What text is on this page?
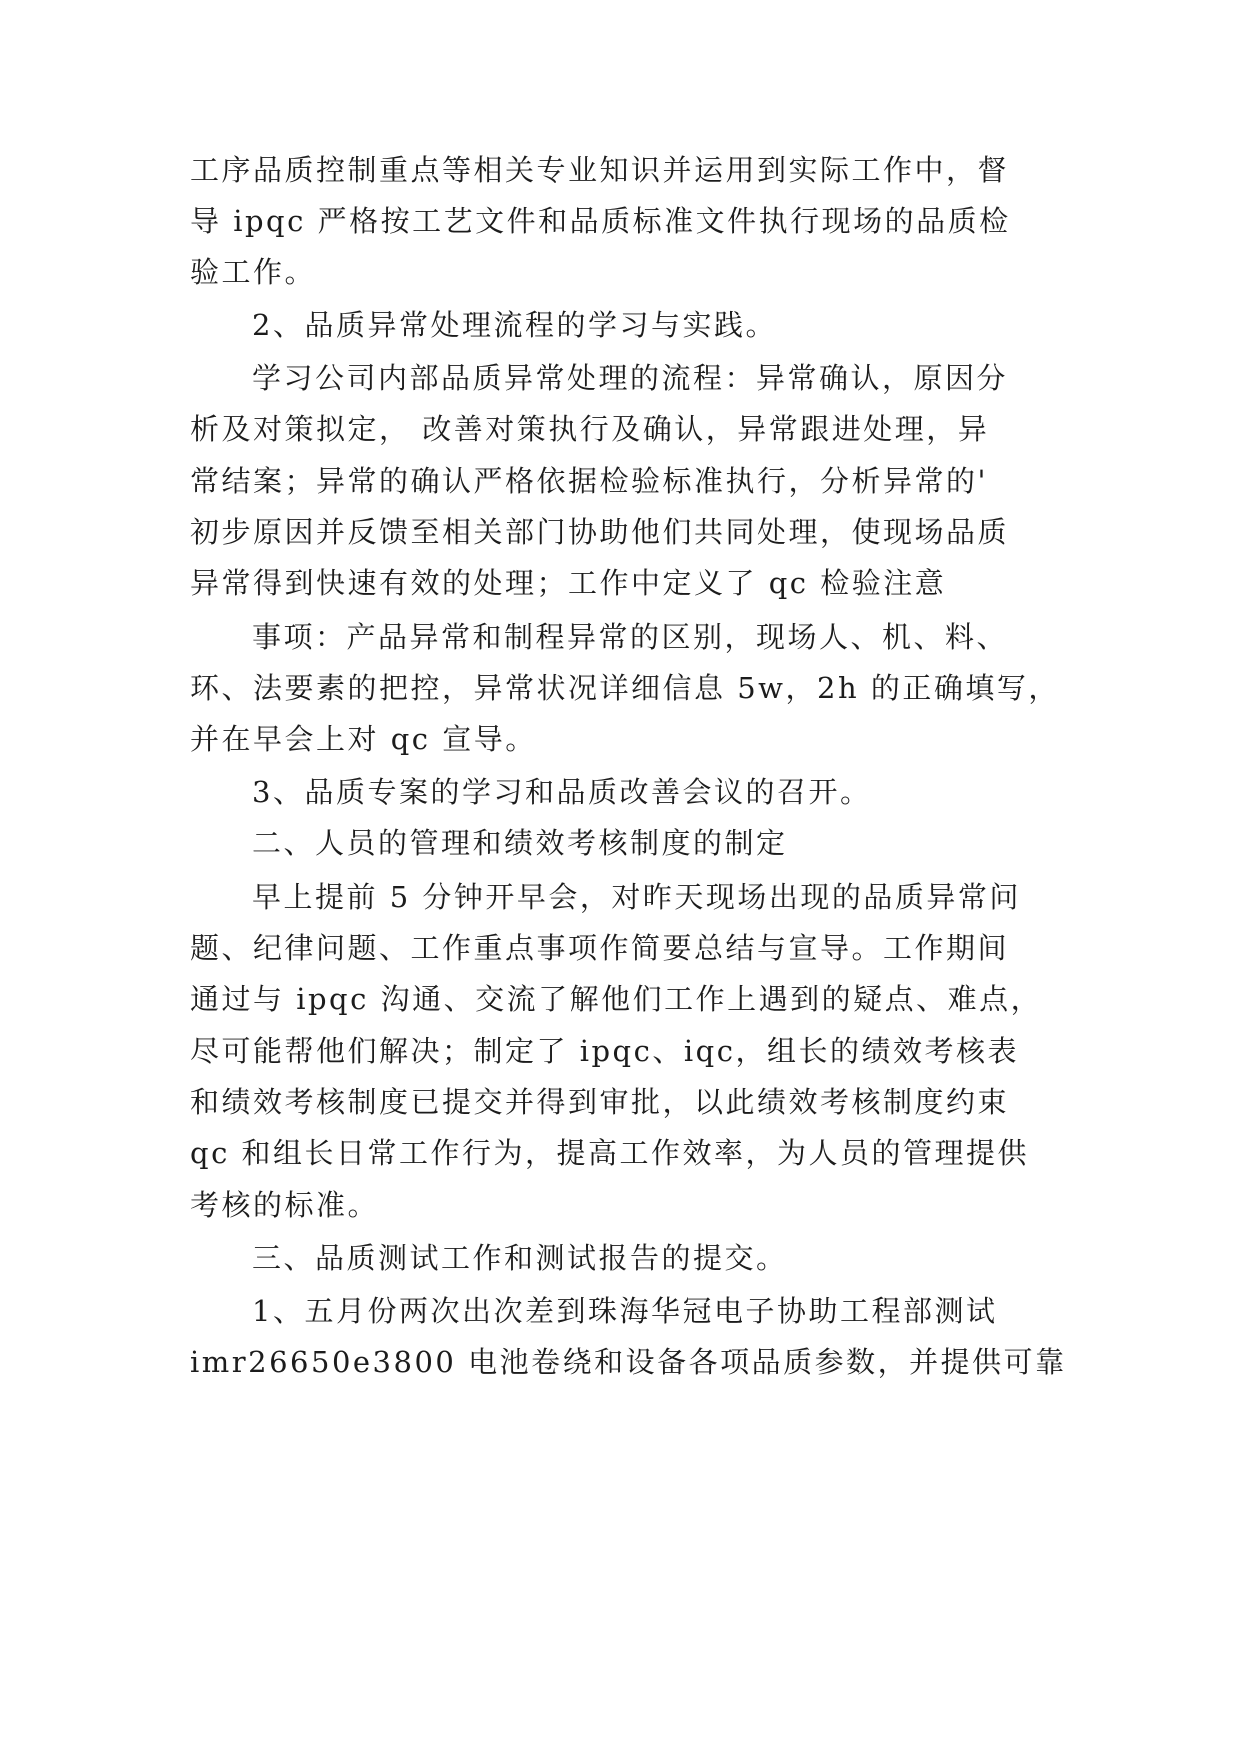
工序品质控制重点等相关专业知识并运用到实际工作中，督

导 ipqc 严格按工艺文件和品质标准文件执行现场的品质检

验工作。

2、品质异常处理流程的学习与实践。

学习公司内部品质异常处理的流程：异常确认，原因分

析及对策拟定， 改善对策执行及确认，异常跟进处理，异

常结案；异常的确认严格依据检验标准执行，分析异常的'

初步原因并反馈至相关部门协助他们共同处理，使现场品质

异常得到快速有效的处理；工作中定义了 qc 检验注意

事项：产品异常和制程异常的区别，现场人、机、料、

环、法要素的把控，异常状况详细信息 5w，2h 的正确填写，

并在早会上对 qc 宣导。

3、品质专案的学习和品质改善会议的召开。

二、人员的管理和绩效考核制度的制定

早上提前 5 分钟开早会，对昨天现场出现的品质异常问

题、纪律问题、工作重点事项作简要总结与宣导。工作期间

通过与 ipqc 沟通、交流了解他们工作上遇到的疑点、难点，

尽可能帮他们解决；制定了 ipqc、iqc，组长的绩效考核表

和绩效考核制度已提交并得到审批，以此绩效考核制度约束

qc 和组长日常工作行为，提高工作效率，为人员的管理提供

考核的标准。

三、品质测试工作和测试报告的提交。

1、五月份两次出次差到珠海华冠电子协助工程部测试

imr26650e3800 电池卷绕和设备各项品质参数，并提供可靠
